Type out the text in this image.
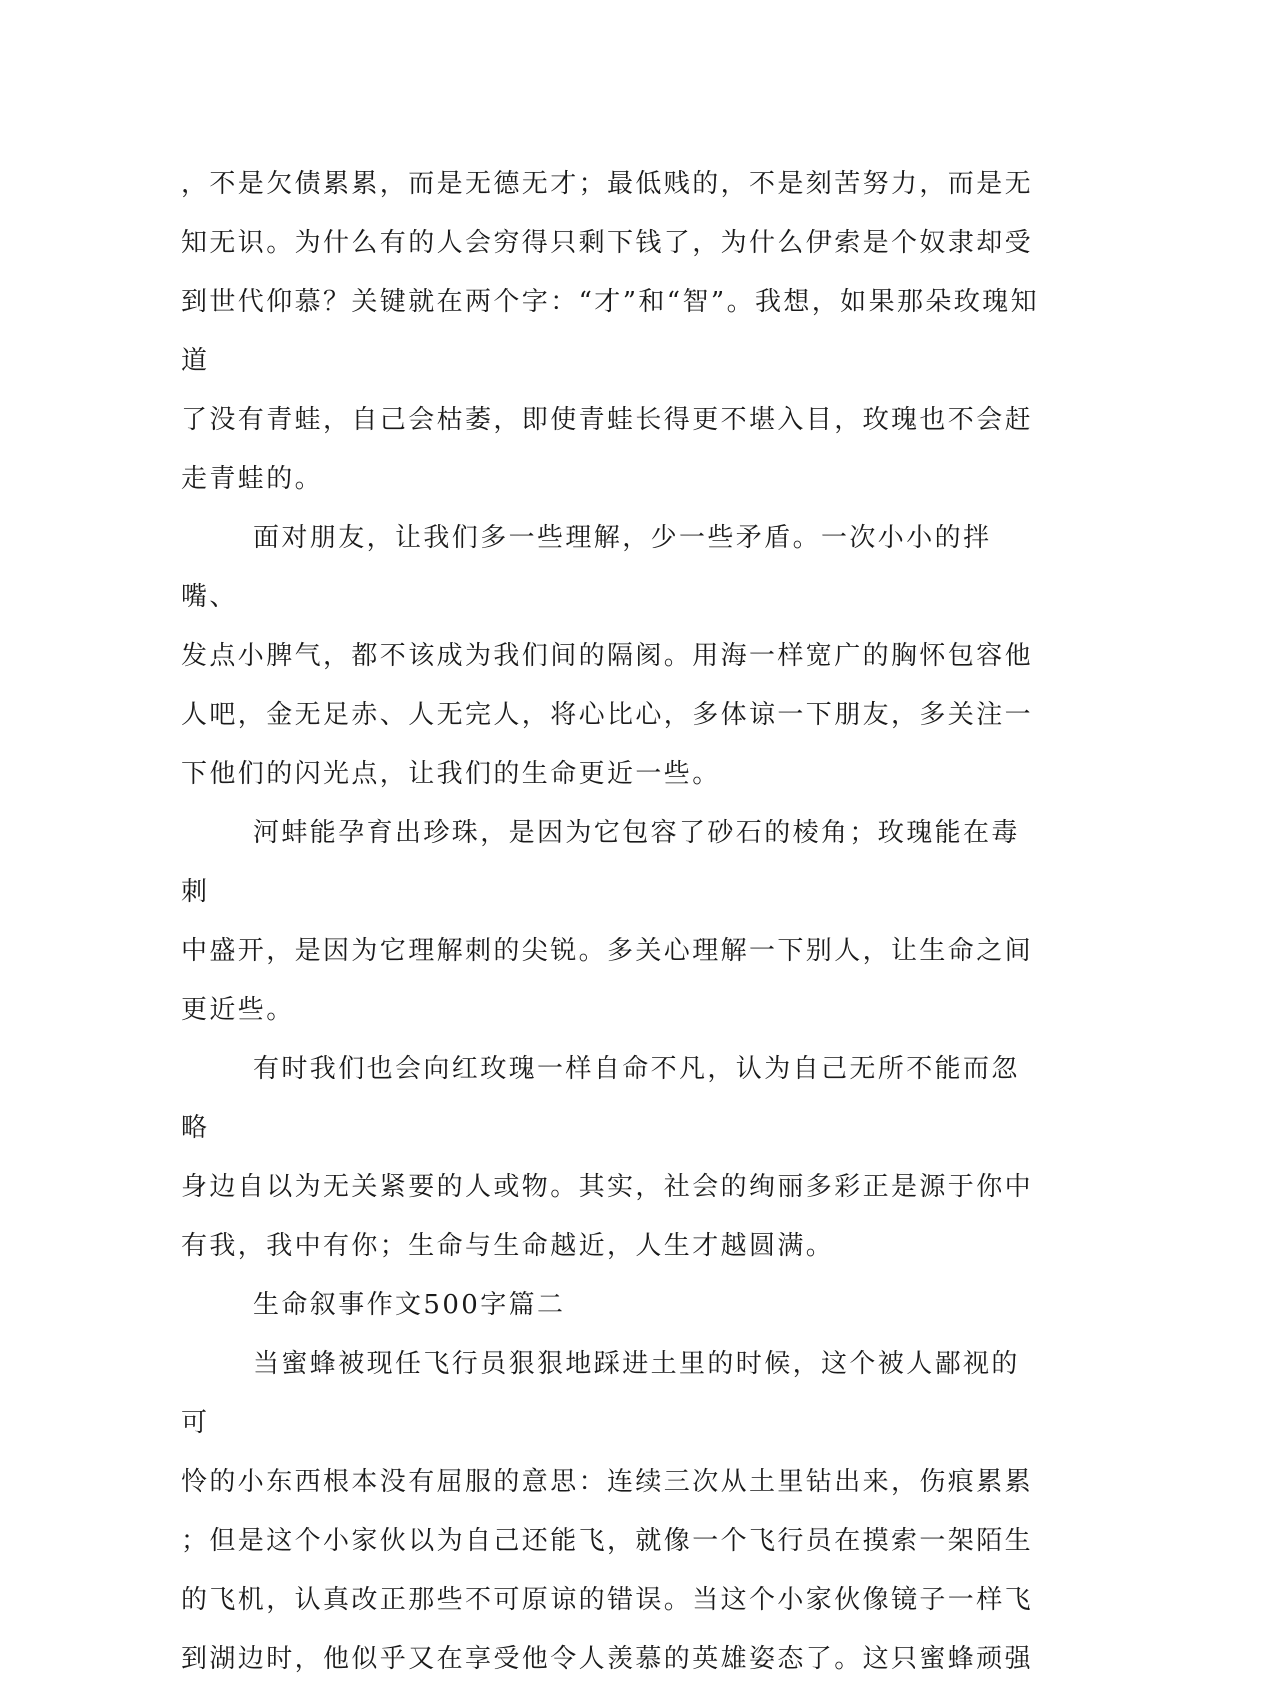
，不是欠债累累，而是无德无才；最低贱的，不是刻苦努力，而是无
知无识。为什么有的人会穷得只剩下钱了，为什么伊索是个奴隶却受
到世代仰慕？关键就在两个字：“才”和“智”。我想，如果那朵玫瑰知道
了没有青蛙，自己会枯萎，即使青蛙长得更不堪入目，玫瑰也不会赶
走青蛙的。

面对朋友，让我们多一些理解，少一些矛盾。一次小小的拌嘴、
发点小脾气，都不该成为我们间的隔阂。用海一样宽广的胸怀包容他
人吧，金无足赤、人无完人，将心比心，多体谅一下朋友，多关注一
下他们的闪光点，让我们的生命更近一些。

河蚌能孕育出珍珠，是因为它包容了砂石的棱角；玫瑰能在毒刺
中盛开，是因为它理解刺的尖锐。多关心理解一下别人，让生命之间
更近些。

有时我们也会向红玫瑰一样自命不凡，认为自己无所不能而忽略
身边自以为无关紧要的人或物。其实，社会的绚丽多彩正是源于你中
有我，我中有你；生命与生命越近，人生才越圆满。

生命叙事作文500字篇二

当蜜蜂被现任飞行员狠狠地踩进土里的时候，这个被人鄙视的可
怜的小东西根本没有屈服的意思：连续三次从土里钻出来，伤痕累累
；但是这个小家伙以为自己还能飞，就像一个飞行员在摸索一架陌生
的飞机，认真改正那些不可原谅的错误。当这个小家伙像镜子一样飞
到湖边时，他似乎又在享受他令人羡慕的英雄姿态了。这只蜜蜂顽强
